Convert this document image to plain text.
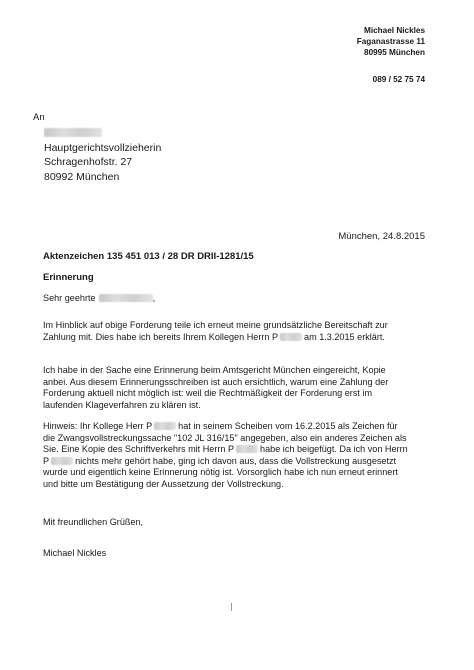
Michael Nickles
Faganastrasse 11
80995 München
089 / 52 75 74
An
Hauptgerichtsvollzieherin
Schragenhofstr. 27
80992 München
München, 24.8.2015
Aktenzeichen 135 451 013 / 28 DR DRII-1281/15
Erinnerung
Sehr geehrte	,
Im Hinblick auf obige Forderung teile ich erneut meine grundsätzliche Bereitschaft zur
Zahlung mit. Dies habe ich bereits Ihrem Kollegen Herrn P	am 1.3.2015 erklärt.
Ich habe in der Sache eine Erinnerung beim Amtsgericht München eingereicht, Kopie
anbei. Aus diesem Erinnerungsschreiben ist auch ersichtlich, warum eine Zahlung der
Forderung aktuell nicht möglich ist: weil die Rechtmäßigkeit der Forderung erst im
laufenden Klageverfahren zu klären ist.
Hinweis: Ihr Kollege Herr P	hat in seinem Scheiben vom 16.2.2015 als Zeichen für
die Zwangsvollstreckungssache "102 JL 316/15" angegeben, also ein anderes Zeichen als
Sie. Eine Kopie des Schriftverkehrs mit Herrn P	habe ich beigefügt. Da ich von Herrn
P	nichts mehr gehört habe, ging ich davon aus, dass die Vollstreckung ausgesetzt
wurde und eigentlich keine Erinnerung nötig ist. Vorsorglich habe ich nun erneut erinnert
und bitte um Bestätigung der Aussetzung der Vollstreckung.
Mit freundlichen Grüßen,
Michael Nickles
